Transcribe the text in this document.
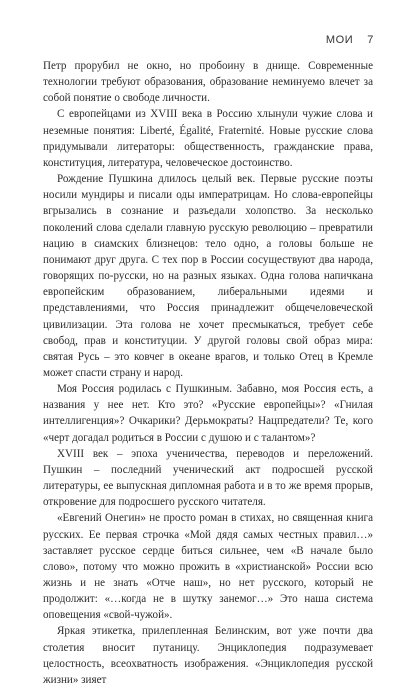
МОИ 7

Петр прорубил не окно, но пробоину в днище. Современные технологии требуют образования, образование неминуемо влечет за собой понятие о свободе личности.

С европейцами из XVIII века в Россию хлынули чужие слова и неземные понятия: Liberté, Égalité, Fraternité. Новые русские слова придумывали литераторы: общественность, гражданские права, конституция, литература, человеческое достоинство.

Рождение Пушкина длилось целый век. Первые русские поэты носили мундиры и писали оды императрицам. Но слова-европейцы вгрызались в сознание и разъедали холопство. За несколько поколений слова сделали главную русскую революцию – превратили нацию в сиамских близнецов: тело одно, а головы больше не понимают друг друга. С тех пор в России сосуществуют два народа, говорящих по-русски, но на разных языках. Одна голова напичкана европейским образованием, либеральными идеями и представлениями, что Россия принадлежит общечеловеческой цивилизации. Эта голова не хочет пресмыкаться, требует себе свобод, прав и конституции. У другой головы свой образ мира: святая Русь – это ковчег в океане врагов, и только Отец в Кремле может спасти страну и народ.

Моя Россия родилась с Пушкиным. Забавно, моя Россия есть, а названия у нее нет. Кто это? «Русские европейцы»? «Гнилая интеллигенция»? Очкарики? Дерьмократы? Нацпредатели? Те, кого «черт догадал родиться в России с душою и с талантом»?

XVIII век – эпоха ученичества, переводов и переложений. Пушкин – последний ученический акт подросшей русской литературы, ее выпускная дипломная работа и в то же время прорыв, откровение для подросшего русского читателя.

«Евгений Онегин» не просто роман в стихах, но священная книга русских. Ее первая строчка «Мой дядя самых честных правил…» заставляет русское сердце биться сильнее, чем «В начале было слово», потому что можно прожить в «христианской» России всю жизнь и не знать «Отче наш», но нет русского, который не продолжит: «…когда не в шутку занемог…» Это наша система оповещения «свой-чужой».

Яркая этикетка, прилепленная Белинским, вот уже почти два столетия вносит путаницу. Энциклопедия подразумевает целостность, всеохватность изображения. «Энциклопедия русской жизни» зияет
